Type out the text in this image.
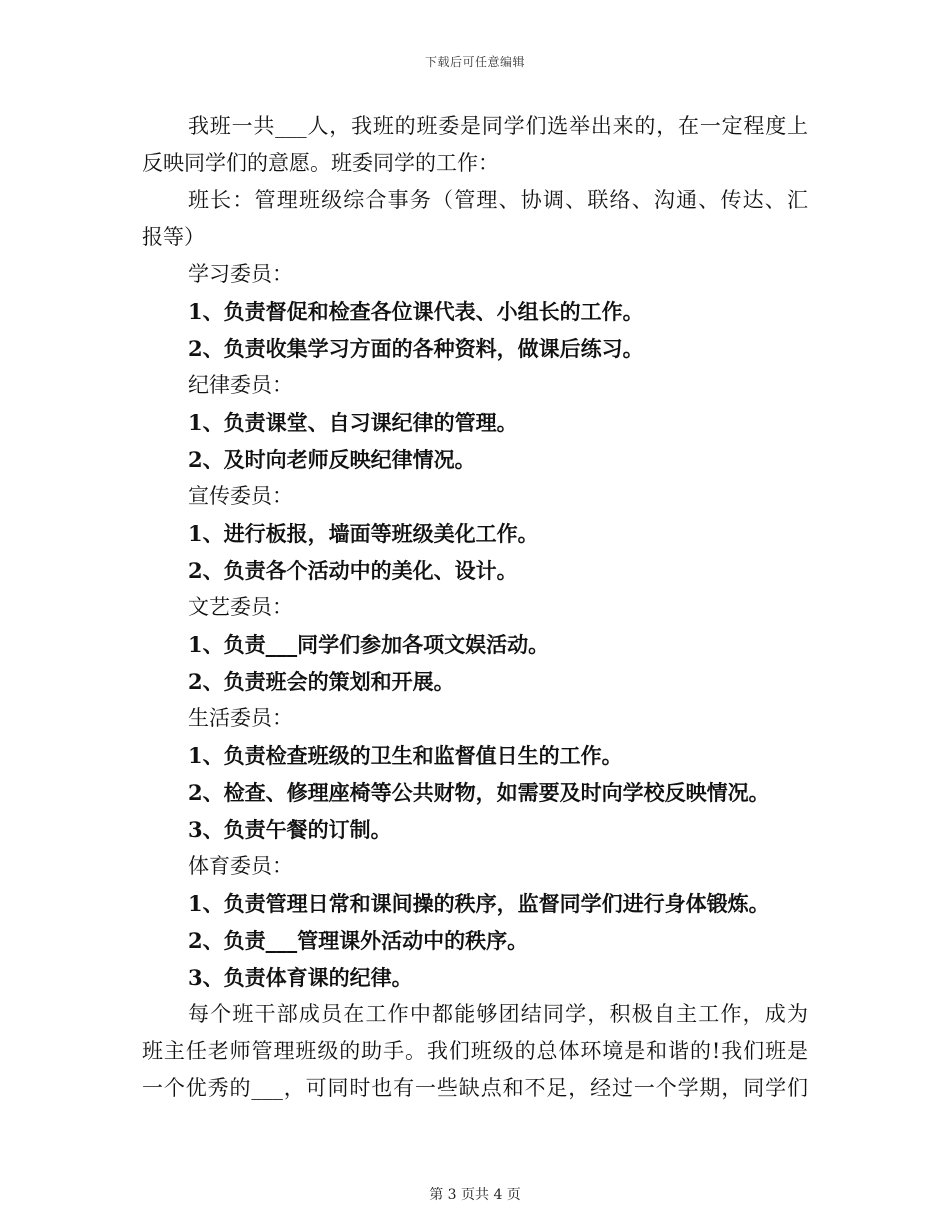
下载后可任意编辑
我班一共___人，我班的班委是同学们选举出来的，在一定程度上
反映同学们的意愿。班委同学的工作：
班长：管理班级综合事务（管理、协调、联络、沟通、传达、汇
报等）
学习委员：
1、负责督促和检查各位课代表、小组长的工作。
2、负责收集学习方面的各种资料，做课后练习。
纪律委员：
1、负责课堂、自习课纪律的管理。
2、及时向老师反映纪律情况。
宣传委员：
1、进行板报，墙面等班级美化工作。
2、负责各个活动中的美化、设计。
文艺委员：
1、负责___同学们参加各项文娱活动。
2、负责班会的策划和开展。
生活委员：
1、负责检查班级的卫生和监督值日生的工作。
2、检查、修理座椅等公共财物，如需要及时向学校反映情况。
3、负责午餐的订制。
体育委员：
1、负责管理日常和课间操的秩序，监督同学们进行身体锻炼。
2、负责___管理课外活动中的秩序。
3、负责体育课的纪律。
每个班干部成员在工作中都能够团结同学，积极自主工作，成为
班主任老师管理班级的助手。我们班级的总体环境是和谐的!我们班是
一个优秀的___，可同时也有一些缺点和不足，经过一个学期，同学们
第 3 页共 4 页
